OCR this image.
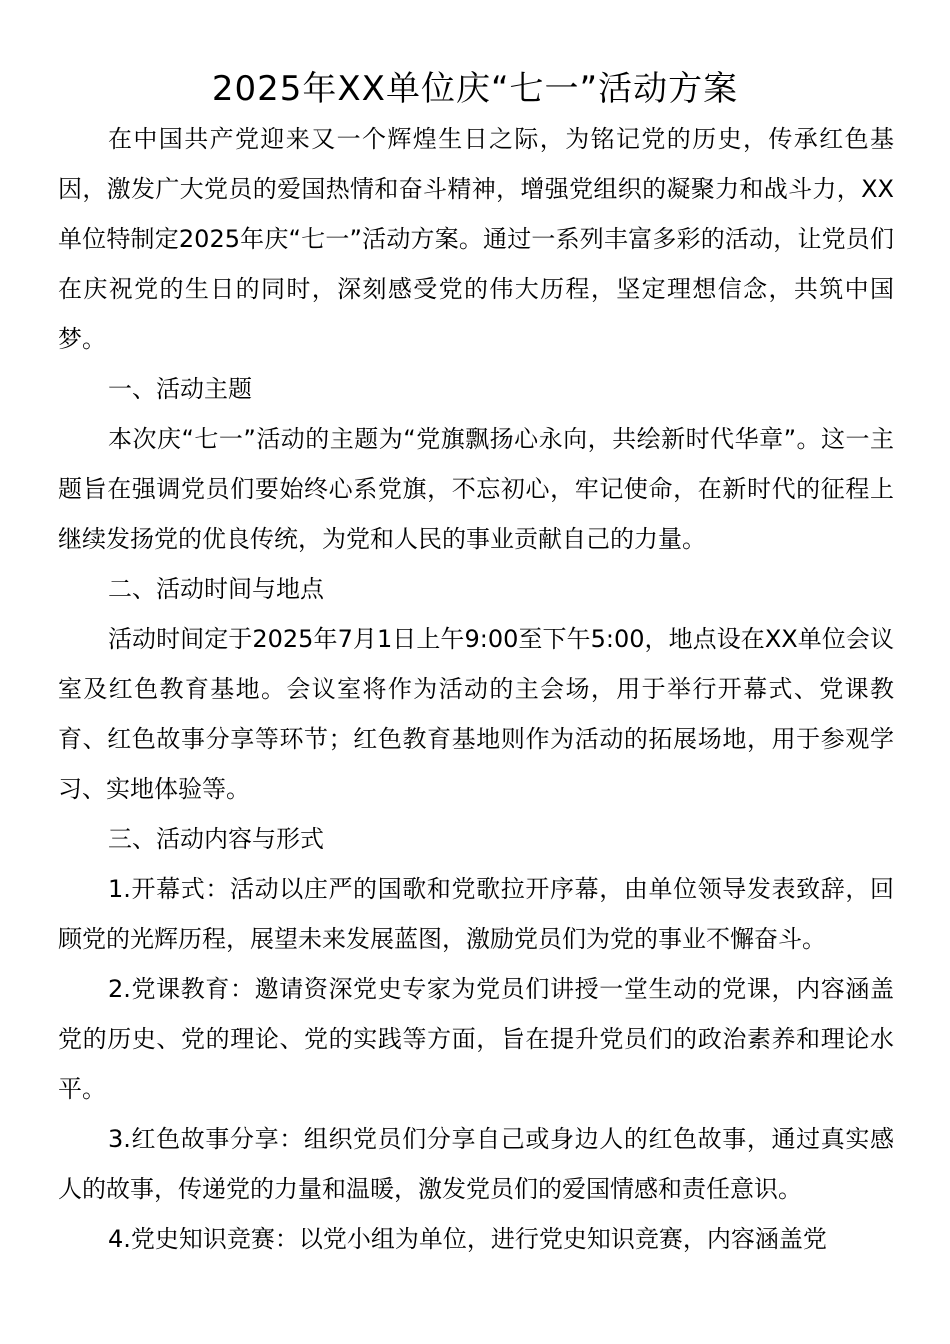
2025年XX单位庆“七一”活动方案

在中国共产党迎来又一个辉煌生日之际，为铭记党的历史，传承红色基因，激发广大党员的爱国热情和奋斗精神，增强党组织的凝聚力和战斗力，XX单位特制定2025年庆“七一”活动方案。通过一系列丰富多彩的活动，让党员们在庆祝党的生日的同时，深刻感受党的伟大历程，坚定理想信念，共筑中国梦。

一、活动主题

本次庆“七一”活动的主题为“党旗飘扬心永向，共绘新时代华章”。这一主题旨在强调党员们要始终心系党旗，不忘初心，牢记使命，在新时代的征程上继续发扬党的优良传统，为党和人民的事业贡献自己的力量。

二、活动时间与地点

活动时间定于2025年7月1日上午9:00至下午5:00，地点设在XX单位会议室及红色教育基地。会议室将作为活动的主会场，用于举行开幕式、党课教育、红色故事分享等环节；红色教育基地则作为活动的拓展场地，用于参观学习、实地体验等。

三、活动内容与形式

1.开幕式：活动以庄严的国歌和党歌拉开序幕，由单位领导发表致辞，回顾党的光辉历程，展望未来发展蓝图，激励党员们为党的事业不懈奋斗。

2.党课教育：邀请资深党史专家为党员们讲授一堂生动的党课，内容涵盖党的历史、党的理论、党的实践等方面，旨在提升党员们的政治素养和理论水平。

3.红色故事分享：组织党员们分享自己或身边人的红色故事，通过真实感人的故事，传递党的力量和温暖，激发党员们的爱国情感和责任意识。

4.党史知识竞赛：以党小组为单位，进行党史知识竞赛，内容涵盖党
